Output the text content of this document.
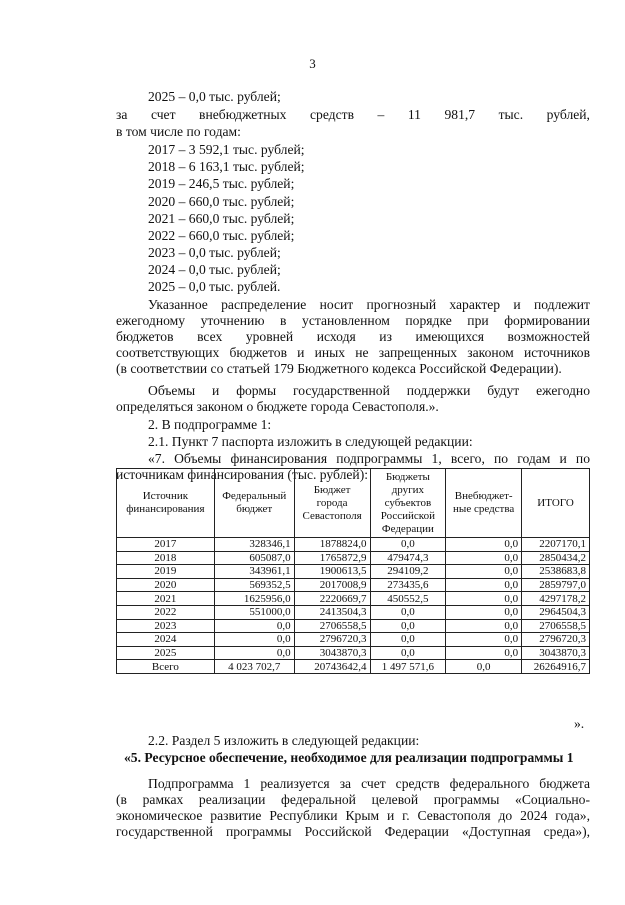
3
2025 – 0,0 тыс. рублей;
за счет внебюджетных средств – 11 981,7 тыс. рублей,
в том числе по годам:
2017 – 3 592,1 тыс. рублей;
2018 – 6 163,1 тыс. рублей;
2019 – 246,5 тыс. рублей;
2020 – 660,0 тыс. рублей;
2021 – 660,0 тыс. рублей;
2022 – 660,0 тыс. рублей;
2023 – 0,0 тыс. рублей;
2024 – 0,0 тыс. рублей;
2025 – 0,0 тыс. рублей.
Указанное распределение носит прогнозный характер и подлежит
ежегодному уточнению в установленном порядке при формировании
бюджетов всех уровней исходя из имеющихся возможностей
соответствующих бюджетов и иных не запрещенных законом источников
(в соответствии со статьей 179 Бюджетного кодекса Российской Федерации).
Объемы и формы государственной поддержки будут ежегодно
определяться законом о бюджете города Севастополя.».
2. В подпрограмме 1:
2.1. Пункт 7 паспорта изложить в следующей редакции:
«7. Объемы финансирования подпрограммы 1, всего, по годам и по
источникам финансирования (тыс. рублей):
Источник финансирования	Федеральный бюджет	Бюджет города Севастополя	Бюджеты других субъектов Российской Федерации	Внебюджет-ные средства	ИТОГО
2017	328346,1	1878824,0	0,0	0,0	2207170,1
2018	605087,0	1765872,9	479474,3	0,0	2850434,2
2019	343961,1	1900613,5	294109,2	0,0	2538683,8
2020	569352,5	2017008,9	273435,6	0,0	2859797,0
2021	1625956,0	2220669,7	450552,5	0,0	4297178,2
2022	551000,0	2413504,3	0,0	0,0	2964504,3
2023	0,0	2706558,5	0,0	0,0	2706558,5
2024	0,0	2796720,3	0,0	0,0	2796720,3
2025	0,0	3043870,3	0,0	0,0	3043870,3
Всего	4 023 702,7	20743642,4	1 497 571,6	0,0	26264916,7
».
2.2. Раздел 5 изложить в следующей редакции:
«5. Ресурсное обеспечение, необходимое для реализации подпрограммы 1
Подпрограмма 1 реализуется за счет средств федерального бюджета
(в рамках реализации федеральной целевой программы «Социально-
экономическое развитие Республики Крым и г. Севастополя до 2024 года»,
государственной программы Российской Федерации «Доступная среда»),
